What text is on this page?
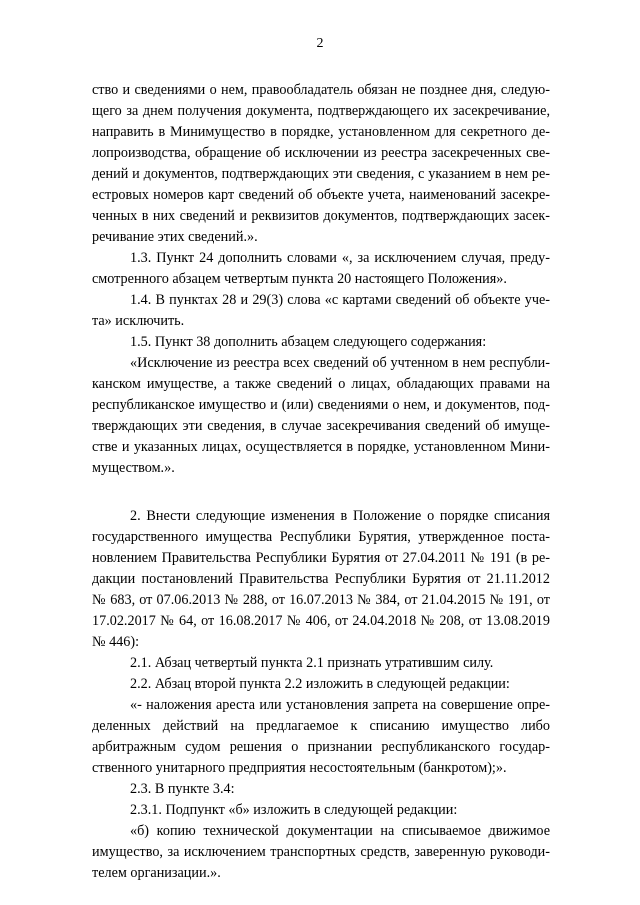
2
ство и сведениями о нем, правообладатель обязан не позднее дня, следую-
щего за днем получения документа, подтверждающего их засекречивание,
направить в Минимущество в порядке, установленном для секретного де-
лопроизводства, обращение об исключении из реестра засекреченных све-
дений и документов, подтверждающих эти сведения, с указанием в нем ре-
естровых номеров карт сведений об объекте учета, наименований засекре-
ченных в них сведений и реквизитов документов, подтверждающих засек-
речивание этих сведений.».
1.3. Пункт 24 дополнить словами «, за исключением случая, преду-
смотренного абзацем четвертым пункта 20 настоящего Положения».
1.4. В пунктах 28 и 29(3) слова «с картами сведений об объекте уче-
та» исключить.
1.5. Пункт 38 дополнить абзацем следующего содержания:
«Исключение из реестра всех сведений об учтенном в нем республи-
канском имуществе, а также сведений о лицах, обладающих правами на
республиканское имущество и (или) сведениями о нем, и документов, под-
тверждающих эти сведения, в случае засекречивания сведений об имуще-
стве и указанных лицах, осуществляется в порядке, установленном Мини-
муществом.».
2. Внести следующие изменения в Положение о порядке списания
государственного имущества Республики Бурятия, утвержденное поста-
новлением Правительства Республики Бурятия от 27.04.2011 № 191 (в ре-
дакции постановлений Правительства Республики Бурятия от 21.11.2012
№ 683, от 07.06.2013 № 288, от 16.07.2013 № 384, от 21.04.2015 № 191, от
17.02.2017 № 64, от 16.08.2017 № 406, от 24.04.2018 № 208, от 13.08.2019
№ 446):
2.1. Абзац четвертый пункта 2.1 признать утратившим силу.
2.2. Абзац второй пункта 2.2 изложить в следующей редакции:
«- наложения ареста или установления запрета на совершение опре-
деленных действий на предлагаемое к списанию имущество либо
арбитражным судом решения о признании республиканского государ-
ственного унитарного предприятия несостоятельным (банкротом);».
2.3. В пункте 3.4:
2.3.1. Подпункт «б» изложить в следующей редакции:
«б) копию технической документации на списываемое движимое
имущество, за исключением транспортных средств, заверенную руководи-
телем организации.».
